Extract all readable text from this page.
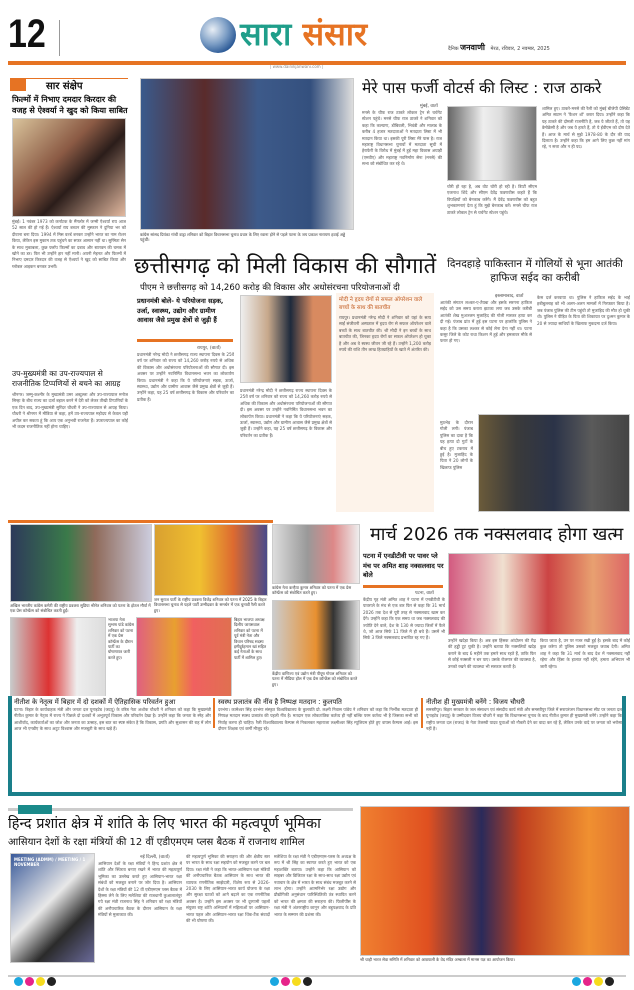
12	सारा संसार	दैनिक जनवाणी मेरठ, रविवार, 2 नवम्बर, 2025
| www.dainikjanwani.com |
सार संक्षेप
फिल्मों में निभाए दमदार किरदार की वजह से ऐश्वर्या ने खुद को किया साबित
मुंबई। 1 नवंबर 1973 को कर्नाटक के मैंगलोर में जन्मी ऐश्वर्या राय आज 52 साल की हो गई हैं। ऐश्वर्या राय बच्चन की मुस्कान ने दुनिया भर को दीवाना बना दिया। 1994 में मिस वर्ल्ड बनकर उन्होंने भारत का नाम रोशन किया, लेकिन इस मुकाम तक पहुंचने का सफर आसान नहीं था। सुष्मिता सेन के साथ मुकाबला, कुछ फ्लॉप फिल्मों का दबाव और स्टारडम की चमक में खोने का डर। फिर भी उन्होंने हार नहीं मानी। अपनी मेहनत और फिल्मों में निभाए दमदार किरदार की वजह से ऐश्वर्या ने खुद को साबित किया और ग्लोबल आइकन बनकर उभरीं।
उप-मुख्यमंत्री का उप-राज्यपाल से राजनीतिक टिप्पणियों से बचने का आग्रह
श्रीनगर। जम्मू-कश्मीर के मुख्यमंत्री उमर अब्दुल्ला और उप-राज्यपाल मनोज सिन्हा के बीच राज्य का दर्जा बहाल करने में देरी को लेकर तीखी टिप्पणियों के एक दिन बाद, उप-मुख्यमंत्री सुरिंदर चौधरी ने उप-राज्यपाल से आग्रह किया। चौधरी ने श्रीनगर में मीडिया से कहा, हमें उप-राज्यपाल महोदय से केवल यही अपील कर सकता हूं कि आप एक अनुभवी राजनेता हैं। उपराज्यपाल का कोई भी कदम राजनीतिक नहीं होना चाहिए।
कांग्रेस सांसद प्रियंका गांधी वाड्रा शनिवार को बिहार विधानसभा चुनाव प्रचार के लिए रवाना होने से पहले पटना के जय प्रकाश नारायण हवाई अड्डे पहुंचीं।
मेरे पास फर्जी वोटर्स की लिस्ट : राज ठाकरे
मुंबई, वार्ता
मनसे के चीफ राज ठाकरे लोकल ट्रेन से चर्चगेट स्टेशन पहुंचे। मनसे चीफ राज ठाकरे ने शनिवार को कहा कि कल्याण, डोंबिवली, भिवंडी और मालाड के करीब 4 हजार मतदाताओं ने मतदाता लिस्ट में भी मतदान किया था। इसकी पूरी लिस्ट मेरे पास है। राज महाराष्ट्र विधानसभा चुनावों में मतदाता सूची में हेराफेरी के विरोध में मुंबई में हुई महा विकास अघाड़ी (एमवीए) और महाराष्ट्र नवनिर्माण सेना (मनसे) की सभा को संबोधित कर रहे थे।
चोरी हो रहा है, अब वोट चोरी हो रही है। डिप्टी सीएम एकनाथ शिंदे और सीएम देवेंद्र फडणवीस कहते हैं कि विपक्षियों को बेनकाब करेंगे। मैं देवेंद्र फडणवीस को बहुत शुभकामनाएं देता हूं कि मुझे बेनकाब करें। मनसे चीफ राज ठाकरे लोकल ट्रेन से चर्चगेट स्टेशन पहुंचे।
शामिल हुए। ठाकरे-मनसे की रैली को मुंबई बीजेपी प्रेसिडेंट अमित साटम ने 'फैशन शो' करार दिया। उन्होंने कहा कि यह ठाकरे की दोमली राजनीति है, जब ये जीतते हैं, तो यह डेमोक्रेसी है और जब ये हारते हैं, तो ये ईवीएम को दोष देते हैं। आज के मार्च से मुझे 1978-80 के दौर की याद दिलाता है। उन्होंने कहा कि हम आगे लिए कुछ नहीं मांग रहे, न सत्ता और न ही पद।
छत्तीसगढ़ को मिली विकास की सौगातें
पीएम ने छत्तीसगढ़ को 14,260 करोड़ की विकास और अधोसंरचना परियोजनाओं दी
प्रधानमंत्री बोले- ये परियोजना सड़क, उर्जा, स्वास्थ्य, उद्योग और ग्रामीण आवास जैसे प्रमुख क्षेत्रों से जुड़ी हैं
रायपुर, (वार्ता)
प्रधानमंत्री नरेन्द्र मोदी ने छत्तीसगढ़ राज्य स्थापना दिवस के 25वें वर्ष पर शनिवार को राज्य को 14,260 करोड़ रुपये से अधिक की विकास और अधोसंरचना परियोजनाओं की सौगात दी। इस अवसर पर उन्होंने नवनिर्मित विधानसभा भवन का लोकार्पण किया। प्रधानमंत्री ने कहा कि ये परियोजनाएं सड़क, ऊर्जा, स्वास्थ्य, उद्योग और ग्रामीण आवास जैसे प्रमुख क्षेत्रों से जुड़ी हैं। उन्होंने कहा, यह 25 वर्ष छत्तीसगढ़ के विकास और परिवर्तन का प्रतीक हैं।
प्रधानमंत्री नरेन्द्र मोदी ने छत्तीसगढ़ राज्य स्थापना दिवस के 25वें वर्ष पर शनिवार को राज्य को 14,260 करोड़ रुपये से अधिक की विकास और अधोसंरचना परियोजनाओं की सौगात दी। इस अवसर पर उन्होंने नवनिर्मित विधानसभा भवन का लोकार्पण किया। प्रधानमंत्री ने कहा कि ये परियोजनाएं सड़क, ऊर्जा, स्वास्थ्य, उद्योग और ग्रामीण आवास जैसे प्रमुख क्षेत्रों से जुड़ी हैं। उन्होंने कहा, यह 25 वर्ष छत्तीसगढ़ के विकास और परिवर्तन का प्रतीक हैं।
मोदी ने हृदय रोगों से सफल ऑपरेशन वाले बच्चों के साथ की बातचीत
रायपुर। प्रधानमंत्री नरेन्द्र मोदी ने शनिवार को यहां के सत्य साईं संजीवनी अस्पताल में हृदय रोग से सफल ऑपरेशन वाले बच्चों के साथ बातचीत की। श्री मोदी ने इन बच्चों के साथ बातचीत की, जिनका हृदय रोगों का सफल ऑपरेशन हो चुका है और अब वे स्वस्थ जीवन जी रहे हैं। उन्होंने 1,200 करोड़ रुपये की राशि तीन लाख हितग्राहियों के खाते में अंतरित की।
दिनदहाड़े पाकिस्तान में गोलियों से भूना आतंकी हाफिज सईद का करीबी
इस्लामाबाद, वार्ता
आतंकी संगठन लश्कर-ए-तैयबा और इसके सरगना हाफिज सईद को उस समय करारा झटका लगा जब उसके करीबी आतंकी शेख मुअज्जम मुजाहिद की गोली मारकर हत्या कर दी गई। पंजाब प्रांत में हुई इस घटना पर हालांकि पुलिस ने कहा है कि उसका लश्कर से कोई लेना देना नहीं था। पटना कसूर जिले के कोट राधा किशन में हुई और हमलावर मौके से फरार हो गए।
केस दर्ज करवाया था। पुलिस ने हाफिज सईद के भाई हबीबुल्लाह को भी अलग-अलग मामलों में गिरफ्तार किया है। जब पंजाब पुलिस की टीम पहुंची तो मुजाहिद की मौत हो चुकी थी। पुलिस ने पीड़ित के पिता की शिकायत पर दुश्मन कुमार के 20 से ज्यादा साथियों के खिलाफ मुकदमा दर्ज किया।
मुठभेड़ के दौरान गोली लगी। पंजाब पुलिस का दावा है कि यह हत्या दो गुटों के बीच हुए टकराव में हुई है। मुजाहिद के पिता ने 20 लोगों के खिलाफ पुलिस
अखिल भारतीय कांग्रेस कमेटी की राष्ट्रीय प्रवक्ता सुप्रिया श्रीनेत शनिवार को पटना के होटल मौर्या में एक प्रेस कॉन्फ्रेंस को संबोधित करती हुईं।
जन सुराज पार्टी के राष्ट्रीय प्रवक्ता विजेंद्र शनिवार को पटना में 2025 के बिहार विधानसभा चुनाव से पहले पार्टी उम्मीदवार के समर्थन में एक चुनावी रैली करते हुए।
भाजपा नेता सुभाष पांडे कांग्रेस शनिवार को पटना में एक प्रेस कॉन्फ्रेंस के दौरान पार्टी का घोषणापत्र जारी करते हुए।
बिहार भाजपा अध्यक्ष दिलीप जायसवाल शनिवार को पटना में पूर्व मंत्री नेता और विधान परिषद सदस्य हमीदुर्रहमान खां सहित कई नेताओं के साथ पार्टी में शामिल हुए।
कांग्रेस नेता कन्हैया कुमार शनिवार को पटना में एक प्रेस कॉन्फ्रेंस को संबोधित करते हुए।
केंद्रीय वाणिज्य एवं उद्योग मंत्री पीयूष गोयल शनिवार को पटना में मीडिया हॉल में एक प्रेस कॉन्फ्रेंस को संबोधित करते हुए।
मार्च 2026 तक नक्सलवाद होगा खत्म
पटना में एनडीटीवी पर पावर प्ले मंच पर अमित शाह नक्सलवाद पर बोले
पटना, वार्ता
केंद्रीय गृह मंत्री अमित शाह ने पटना में एनडीटीवी के पावरप्ले के मंच से एक बार फिर से कहा कि 31 मार्च 2026 तक देश से पूरी तरह से नक्सलवाद खत्म कर देंगे। उन्होंने कहा कि एक समय था जब नक्सलवाद की ज्योति देने वाले, देश के 130 से ज्यादा जिलों में फैले थे, जो आज सिर्फ 11 जिले में ही बचे हैं। उसमें भी सिर्फ 3 जिले नक्सलवाद प्रभावित रह गए हैं।
उन्होंने खदेड़ा किया है। अब इस हिंसक आंदोलन की रीढ़ की हड्डी टूट चुकी है। उन्होंने बताया कि नक्सलियों खदेड़ कराने के बाद 6 महीने तक हमारे साथ रहते हैं, ताकि फिर से कोई नक्सली न बन पाए। उसके रोजगार की व्यवस्था है, उनको रखने की व्यवस्था भी सरकार करती है।
किया जाता है, उन पर नजर रखी हुई है। इसके बाद में कोई कुछ करेगा तो पुलिस उसको मजबूत जवाब देगी। अमित शाह ने कहा कि 31 मार्च के बाद देश में नक्सलवाद नहीं रहेगा और हिंसा के हालात नहीं रहेंगे, हमारा अभियान भी जारी रहेगा।
नीतीश के नेतृत्व में बिहार में दो दशकों में ऐतिहासिक परिवर्तन हुआ
पटना। बिहार के कार्यवाहक मंत्री और जनता दल यूनाइटेड (जदयू) के वरिष्ठ नेता अशोक चौधरी ने शनिवार को कहा कि मुख्यमंत्री नीतीश कुमार के नेतृत्व में राज्य ने पिछले दो दशकों में अभूतपूर्व विकास और परिवर्तन देखा है। उन्होंने कहा कि जनता के स्नेह और आशीर्वाद, कार्यकर्ताओं का जोश और जनता का उत्साह, इस बात का स्पष्ट संकेत है कि विकास, प्रगति और सुशासन की राह में लोग आज भी एनडीए के साथ अटूट विश्वास और मजबूती के साथ खड़े हैं।
स्वस्थ प्रजातंत्र की नींव है निष्पक्ष मतदान : कुलपति
दरभंगा। कामेश्वर सिंह दरभंगा संस्कृत विश्वविद्यालय के कुलपति प्रो. लक्ष्मी निवास पांडेय ने शनिवार को कहा कि निर्भीक मतदाता ही निष्पक्ष मतदान स्वस्थ प्रजातंत्र की पहली नींव है। मतदान एक लोकतांत्रिक कर्तव्य ही नहीं बल्कि परम कर्तव्य भी है जिसका सभी को निर्वाह करना ही चाहिए। रैली विश्वविद्यालय कैम्पस से निकलकर महाराजा लक्ष्मीश्वर सिंह म्यूजियम होते हुए वापस कैम्पस आई। इस दौरान शिक्षक एवं कर्मी मौजूद रहे।
नीतीश ही मुख्यमंत्री बनेंगे : विजय चौधरी
समस्तीपुर। बिहार सरकार के जल संसाधन एवं संसदीय कार्य मंत्री और समस्तीपुर जिले में सरायरंजन विधानसभा सीट पर जनता दल यूनाइटेड (जदयू) के उम्मीदवार विजय चौधरी ने कहा कि विधानसभा चुनाव के बाद नीतीश कुमार ही मुख्यमंत्री बनेंगे। उन्होंने कहा कि राष्ट्रीय जनता दल (राजद) के नेता तेजस्वी यादव युवाओं को नौकरी देने का वादा कर रहे हैं, लेकिन उनके वादे पर जनता को भरोसा नहीं है।
हिन्द प्रशांत क्षेत्र में शांति के लिए भारत की महत्वपूर्ण भूमिका
आसियान देशों के रक्षा मंत्रियों की 12 वीं एडीएमएम प्लस बैठक में राजनाथ शामिल
MEETING (ADMM) / MEETING / 1 NOVEMBER
नई दिल्ली, (वार्ता)
आसियान देशों के रक्षा मंत्रियों ने हिन्द प्रशांत क्षेत्र में शांति और स्थिरता बनाए रखने में भारत की महत्वपूर्ण भूमिका का उल्लेख करते हुए आसियान-भारत रक्षा संबंधों को मजबूत बनाने पर जोर दिया है। आसियान देशों के रक्षा मंत्रियों की 12 वीं एडीएमएम प्लस बैठक में हिस्सा लेने के लिए मलेशिया की राजधानी कुआलालंपुर गये रक्षा मंत्री राजनाथ सिंह ने शनिवार को रक्षा मंत्रियों की अनौपचारिक बैठक के दौरान आसियान के रक्षा मंत्रियों से मुलाकात की।
की महत्वपूर्ण भूमिका की सराहना की और क्षेत्रीय स्तर पर भारत के साथ रक्षा सहयोग को मजबूत करने पर बल दिया। रक्षा मंत्री ने कहा कि भारत-आसियान रक्षा मंत्रियों की अनौपचारिक बैठक आसियान के साथ भारत की व्यापक रणनीतिक साझेदारी, विशेष रूप से 2026-2030 के लिए आसियान-भारत कार्य योजना के रक्षा और सुरक्षा घटकों को आगे बढ़ाने का एक रणनीतिक अवसर है। उन्होंने इस अवसर पर भी दूरगामी पहलों संयुक्त राष्ट्र शांति अभियानों में महिलाओं पर आसियान-भारत पहल और आसियान-भारत रक्षा थिंक-टैंक संवादों की भी घोषणा की।
मलेशिया के रक्षा मंत्री ने एडीएमएम-प्लस के अध्यक्ष के रूप में श्री सिंह का स्वागत करते हुए भारत को एक महाशक्ति बताया। उन्होंने कहा कि आसियान को साइबर और डिजिटल रक्षा के साथ-साथ रक्षा उद्योग एवं नवाचार के क्षेत्र में भारत के साथ संबंध मजबूत करने से लाभ होगा। उन्होंने आत्मनिर्भर रक्षा उद्योग और प्रौद्योगिकी अनुसंधान पारिस्थितिकी तंत्र स्थापित करने को भारत की क्षमता की सराहना की। फिलीपींस के रक्षा मंत्री ने अंतरराष्ट्रीय कानून और बहुपक्षवाद के प्रति भारत के सम्मान की प्रशंसा की।
श्री चाहौ भारत सेवा समिति में शनिवार को आम्रपाली के वेद मंदिर अम्बाला में मानस यज्ञ का आयोजन किया।
